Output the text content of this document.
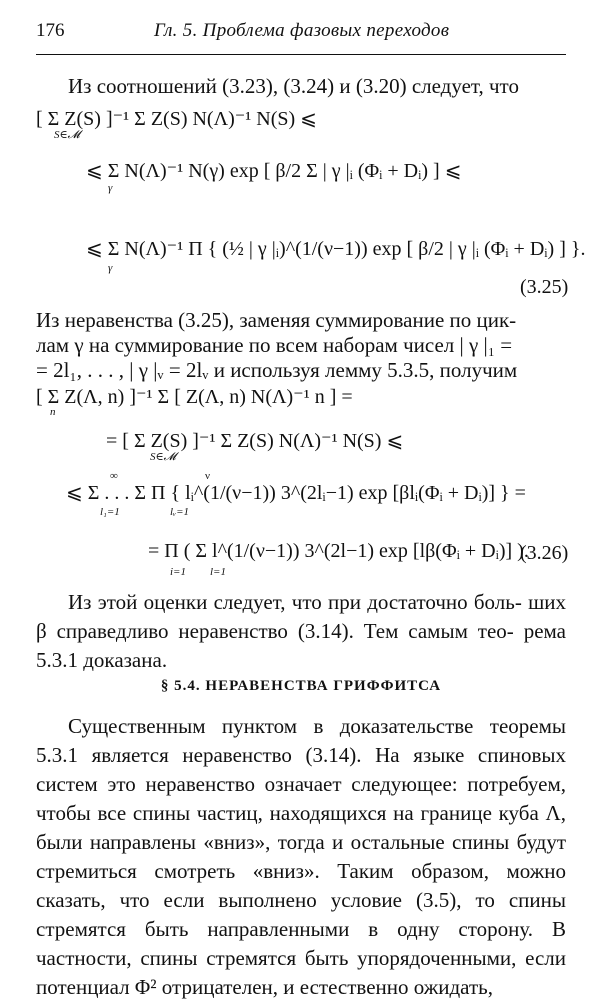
176	Гл. 5. Проблема фазовых переходов
Из соотношений (3.23), (3.24) и (3.20) следует, что
[ Σ Z(S) ]⁻¹ Σ Z(S) N(Λ)⁻¹ N(S) ⩽
S∈𝓜
⩽ Σ N(Λ)⁻¹ N(γ) exp [ β/2 Σ | γ |ᵢ (Φᵢ + Dᵢ) ] ⩽
γ
⩽ Σ N(Λ)⁻¹ Π { (½ | γ |ᵢ)^(1/(ν−1)) exp [ β/2 | γ |ᵢ (Φᵢ + Dᵢ) ] }.
γ
(3.25)
Из неравенства (3.25), заменяя суммирование по цик-
лам γ на суммирование по всем наборам чисел | γ |₁ =
= 2l₁, . . . , | γ |ᵥ = 2lᵥ и используя лемму 5.3.5, получим
[ Σ Z(Λ, n) ]⁻¹ Σ [ Z(Λ, n) N(Λ)⁻¹ n ] =
n
= [ Σ Z(S) ]⁻¹ Σ Z(S) N(Λ)⁻¹ N(S) ⩽
S∈𝓜
⩽ Σ . . . Σ Π { lᵢ^(1/(ν−1)) 3^(2lᵢ−1) exp [βlᵢ(Φᵢ + Dᵢ)] } =
∞
l₁=1	lᵥ=1
ν
= Π ( Σ l^(1/(ν−1)) 3^(2l−1) exp [lβ(Φᵢ + Dᵢ)] ).
i=1	l=1
(3.26)
Из этой оценки следует, что при достаточно боль- ших β справедливо неравенство (3.14). Тем самым тео- рема 5.3.1 доказана.
§ 5.4. НЕРАВЕНСТВА ГРИФФИТСА
Существенным пунктом в доказательстве теоремы 5.3.1 является неравенство (3.14). На языке спиновых систем это неравенство означает следующее: потребуем, чтобы все спины частиц, находящихся на границе куба Λ, были направлены «вниз», тогда и остальные спины будут стремиться смотреть «вниз». Таким образом, можно сказать, что если выполнено условие (3.5), то спины стремятся быть направленными в одну сторону. В частности, спины стремятся быть упорядоченными, если потенциал Φ² отрицателен, и естественно ожидать,
